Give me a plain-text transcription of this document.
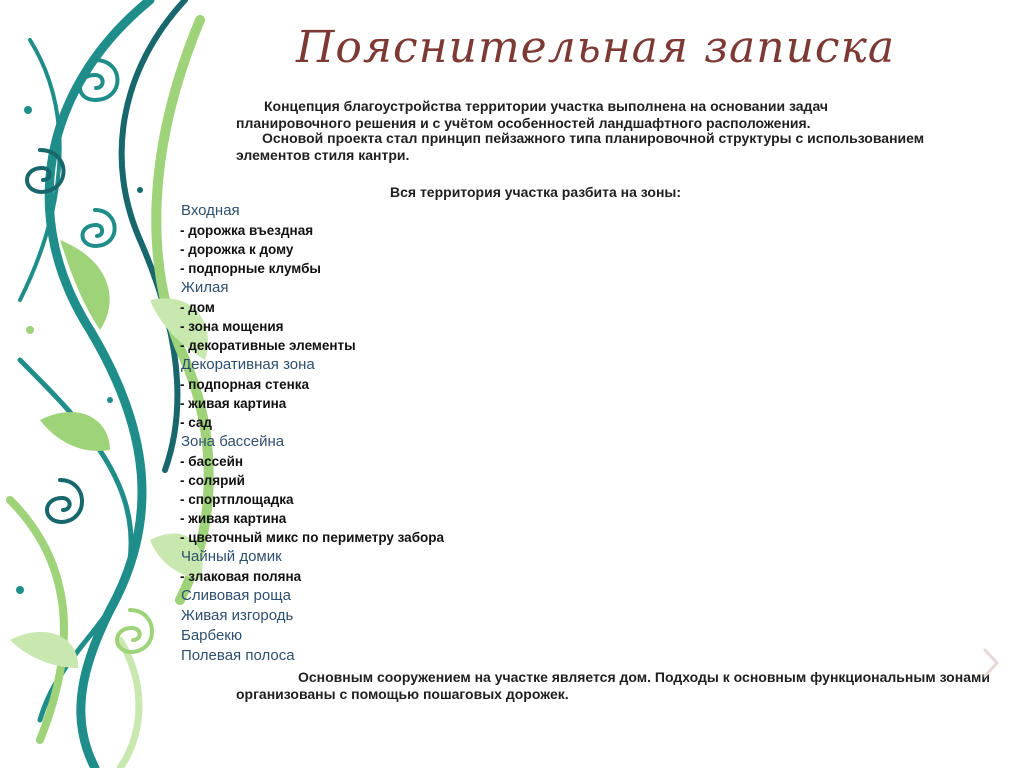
Пояснительная записка

Концепция благоустройства территории участка выполнена на основании задач планировочного решения и с учётом особенностей ландшафтного расположения.

Основой проекта стал принцип пейзажного типа планировочной структуры с использованием элементов стиля кантри.

Вся территория участка разбита на зоны:

Входная
- дорожка въездная
- дорожка к дому
- подпорные клумбы
Жилая
- дом
- зона мощения
- декоративные элементы
Декоративная зона
- подпорная стенка
- живая картина
- сад
Зона бассейна
- бассейн
- солярий
- спортплощадка
- живая картина
- цветочный микс по периметру забора
Чайный домик
- злаковая поляна
Сливовая роща
Живая изгородь
Барбекю
Полевая полоса

Основным сооружением на участке является дом. Подходы к основным функциональным зонами организованы с помощью пошаговых дорожек.
